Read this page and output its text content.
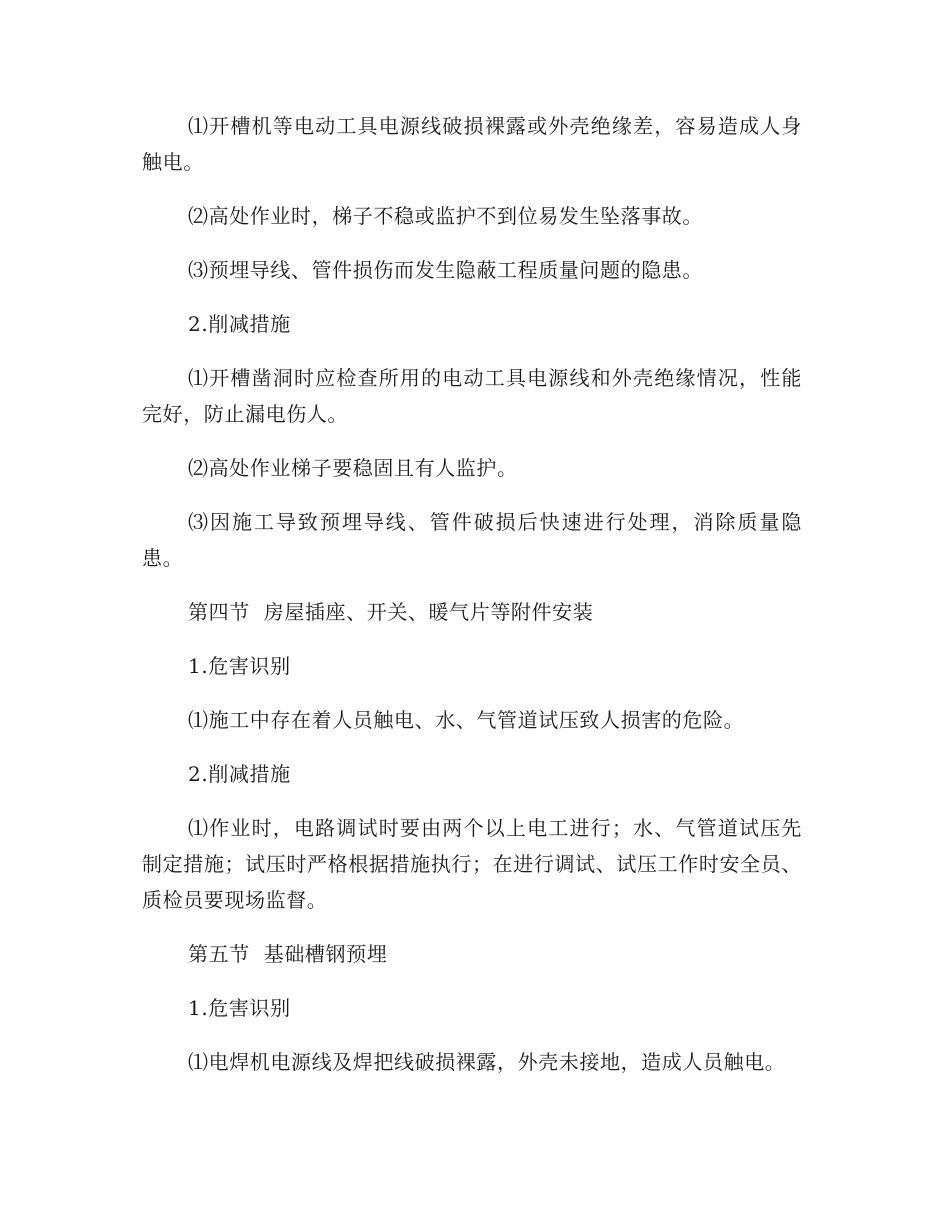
⑴开槽机等电动工具电源线破损裸露或外壳绝缘差，容易造成人身触电。

⑵高处作业时，梯子不稳或监护不到位易发生坠落事故。

⑶预埋导线、管件损伤而发生隐蔽工程质量问题的隐患。

2.削减措施

⑴开槽凿洞时应检查所用的电动工具电源线和外壳绝缘情况，性能完好，防止漏电伤人。

⑵高处作业梯子要稳固且有人监护。

⑶因施工导致预埋导线、管件破损后快速进行处理，消除质量隐患。

第四节  房屋插座、开关、暖气片等附件安装

1.危害识别

⑴施工中存在着人员触电、水、气管道试压致人损害的危险。

2.削减措施

⑴作业时，电路调试时要由两个以上电工进行；水、气管道试压先制定措施；试压时严格根据措施执行；在进行调试、试压工作时安全员、质检员要现场监督。

第五节  基础槽钢预埋

1.危害识别

⑴电焊机电源线及焊把线破损裸露，外壳未接地，造成人员触电。
